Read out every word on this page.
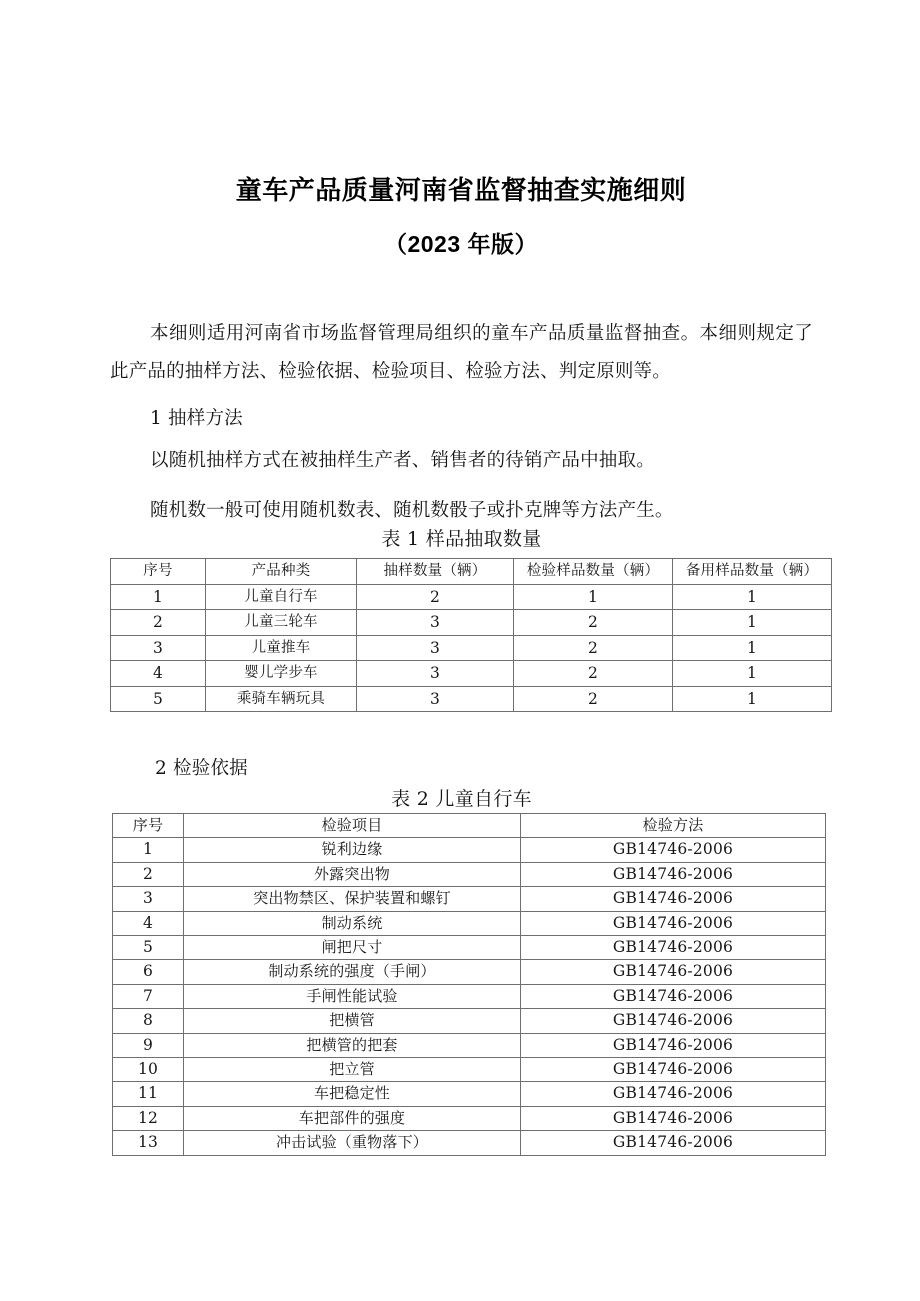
童车产品质量河南省监督抽查实施细则
（2023 年版）

本细则适用河南省市场监督管理局组织的童车产品质量监督抽查。本细则规定了此产品的抽样方法、检验依据、检验项目、检验方法、判定原则等。

1 抽样方法

以随机抽样方式在被抽样生产者、销售者的待销产品中抽取。

随机数一般可使用随机数表、随机数骰子或扑克牌等方法产生。

表 1 样品抽取数量
序号	产品种类	抽样数量（辆）	检验样品数量（辆）	备用样品数量（辆）
1	儿童自行车	2	1	1
2	儿童三轮车	3	2	1
3	儿童推车	3	2	1
4	婴儿学步车	3	2	1
5	乘骑车辆玩具	3	2	1

2 检验依据

表 2 儿童自行车
序号	检验项目	检验方法
1	锐利边缘	GB14746-2006
2	外露突出物	GB14746-2006
3	突出物禁区、保护装置和螺钉	GB14746-2006
4	制动系统	GB14746-2006
5	闸把尺寸	GB14746-2006
6	制动系统的强度（手闸）	GB14746-2006
7	手闸性能试验	GB14746-2006
8	把横管	GB14746-2006
9	把横管的把套	GB14746-2006
10	把立管	GB14746-2006
11	车把稳定性	GB14746-2006
12	车把部件的强度	GB14746-2006
13	冲击试验（重物落下）	GB14746-2006
